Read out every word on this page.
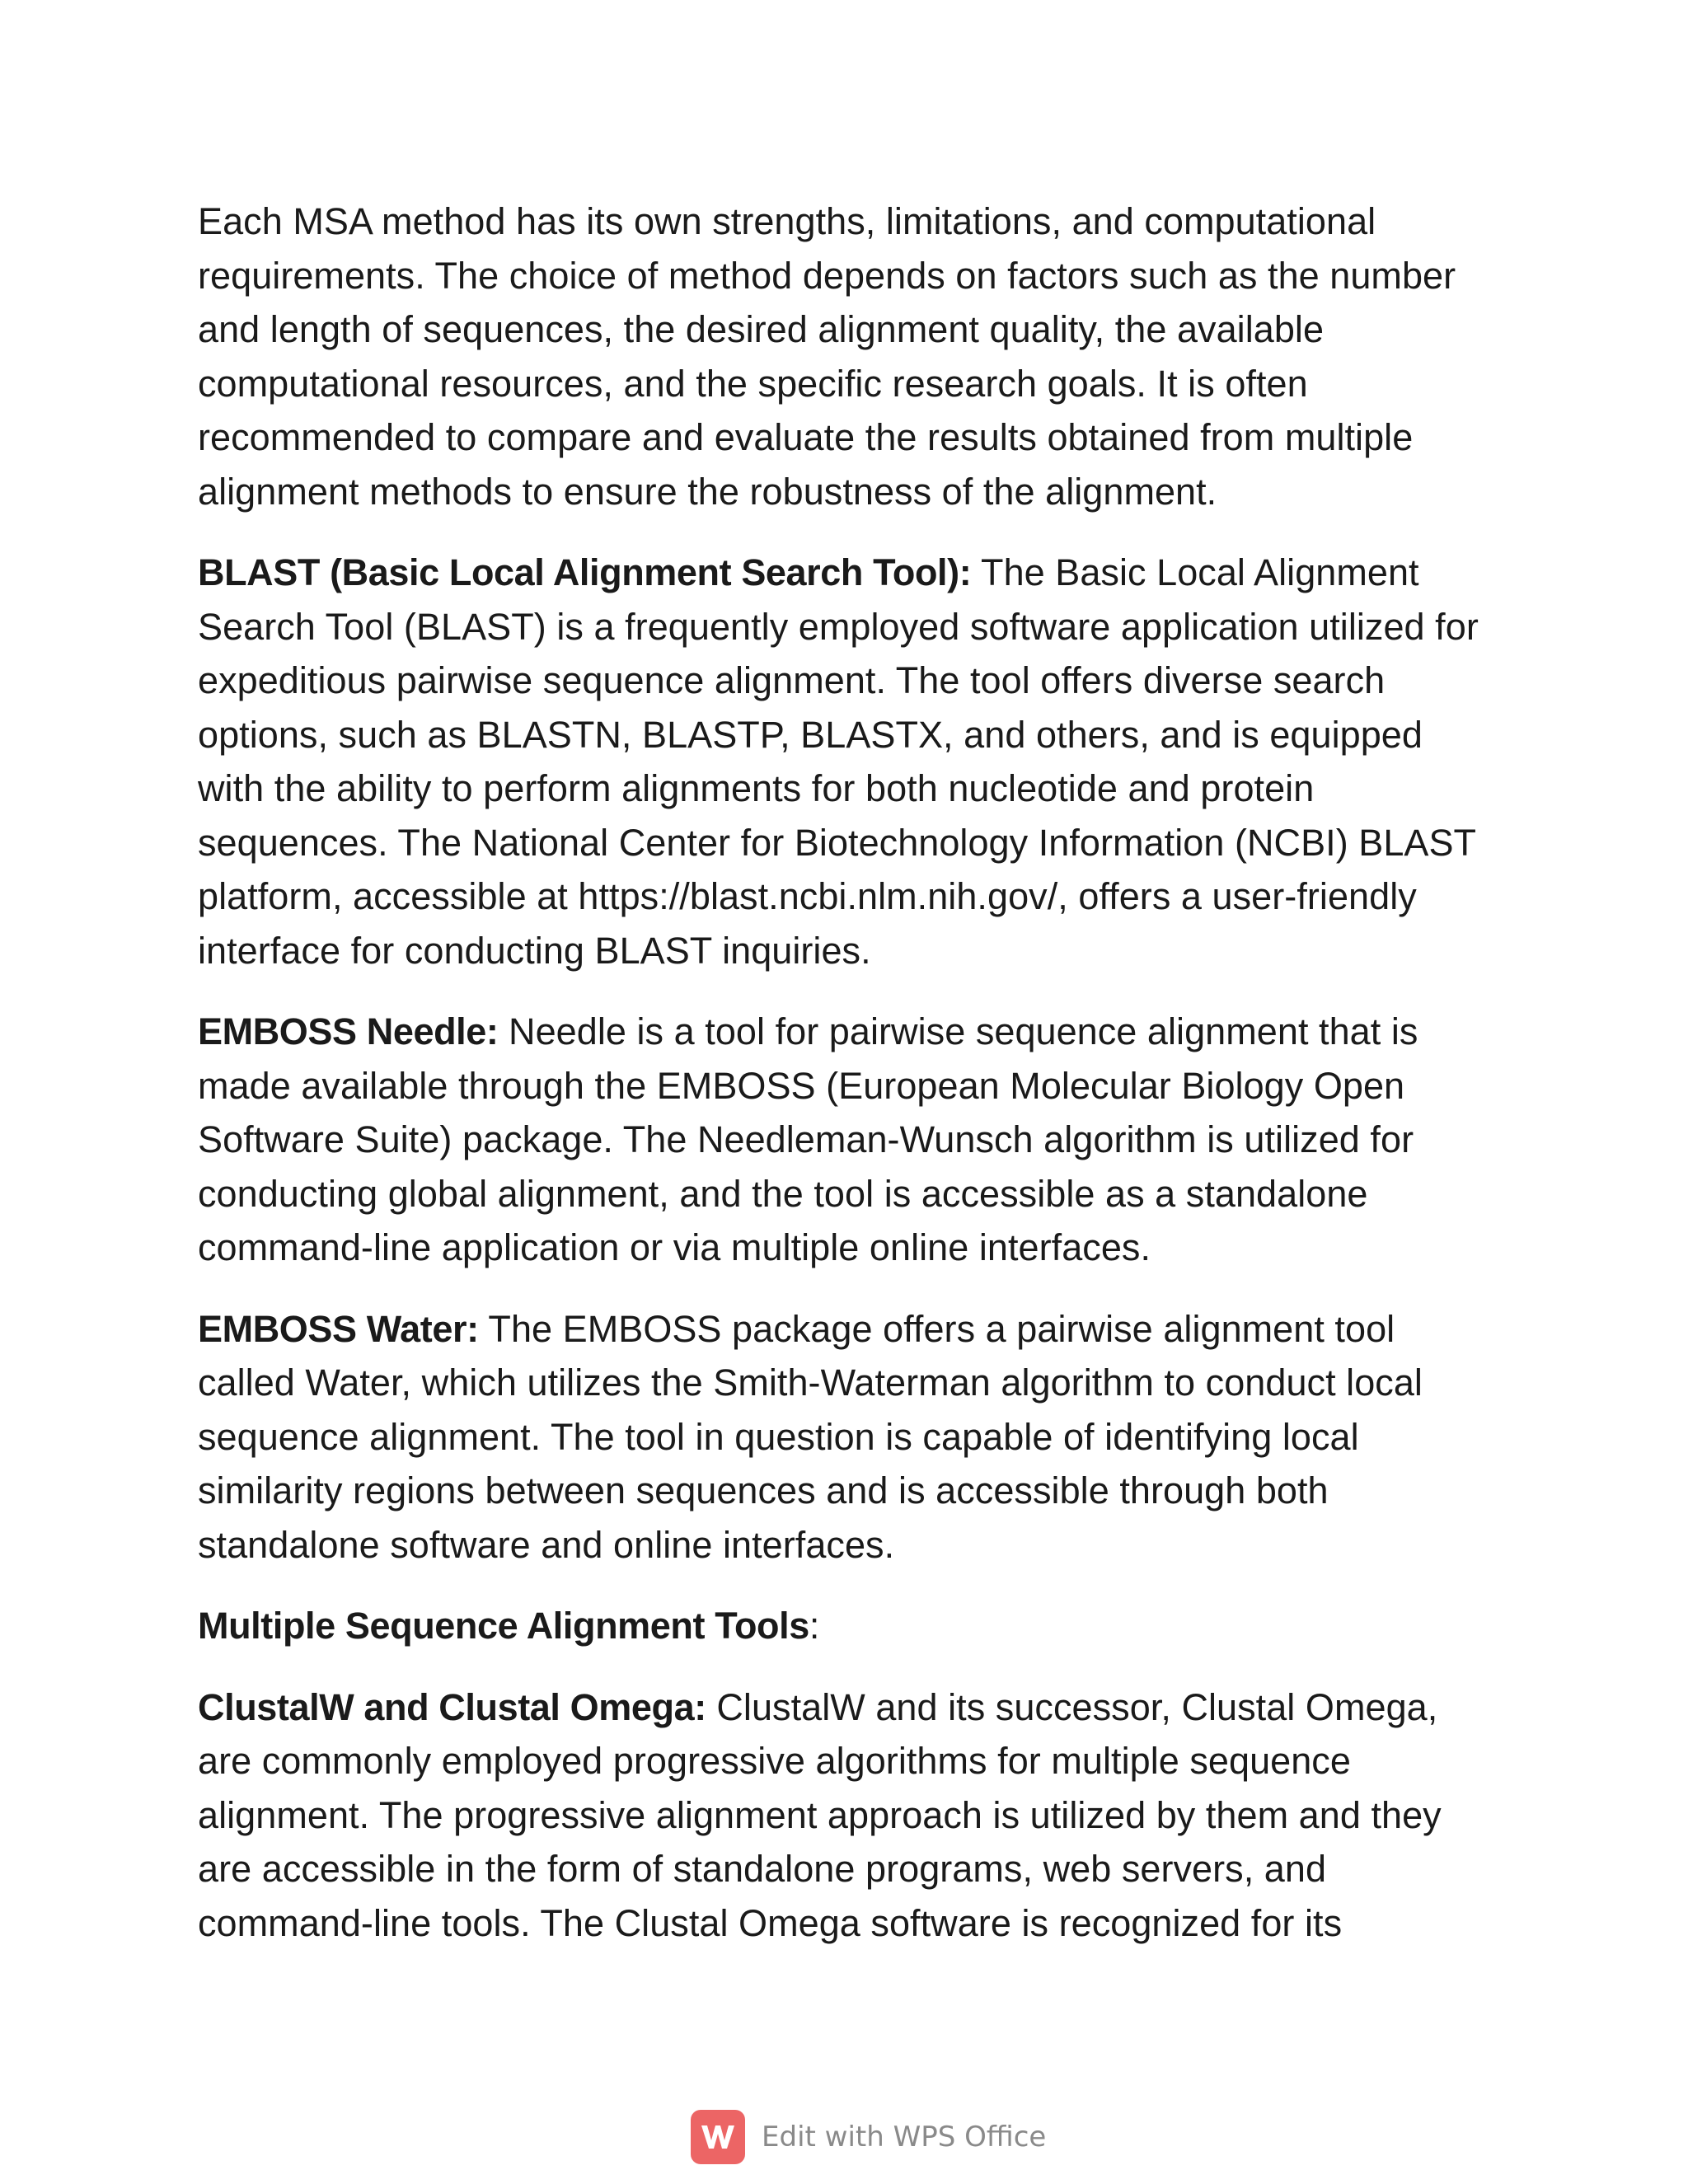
Each MSA method has its own strengths, limitations, and computational requirements. The choice of method depends on factors such as the number and length of sequences, the desired alignment quality, the available computational resources, and the specific research goals. It is often recommended to compare and evaluate the results obtained from multiple alignment methods to ensure the robustness of the alignment.

BLAST (Basic Local Alignment Search Tool): The Basic Local Alignment Search Tool (BLAST) is a frequently employed software application utilized for expeditious pairwise sequence alignment. The tool offers diverse search options, such as BLASTN, BLASTP, BLASTX, and others, and is equipped with the ability to perform alignments for both nucleotide and protein sequences. The National Center for Biotechnology Information (NCBI) BLAST platform, accessible at https://blast.ncbi.nlm.nih.gov/, offers a user-friendly interface for conducting BLAST inquiries.

EMBOSS Needle: Needle is a tool for pairwise sequence alignment that is made available through the EMBOSS (European Molecular Biology Open Software Suite) package. The Needleman-Wunsch algorithm is utilized for conducting global alignment, and the tool is accessible as a standalone command-line application or via multiple online interfaces.

EMBOSS Water: The EMBOSS package offers a pairwise alignment tool called Water, which utilizes the Smith-Waterman algorithm to conduct local sequence alignment. The tool in question is capable of identifying local similarity regions between sequences and is accessible through both standalone software and online interfaces.

Multiple Sequence Alignment Tools:

ClustalW and Clustal Omega: ClustalW and its successor, Clustal Omega, are commonly employed progressive algorithms for multiple sequence alignment. The progressive alignment approach is utilized by them and they are accessible in the form of standalone programs, web servers, and command-line tools. The Clustal Omega software is recognized for its

Edit with WPS Office
